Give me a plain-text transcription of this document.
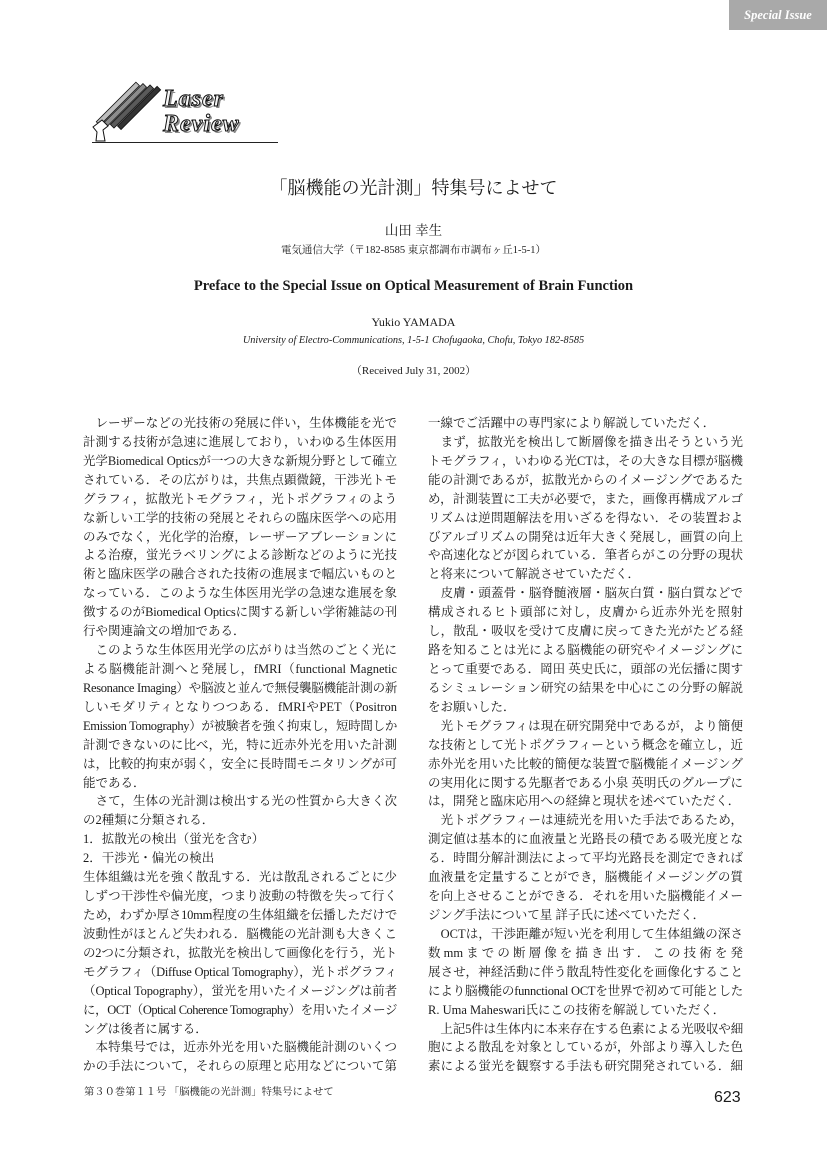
Special Issue
Laser
Review
「脳機能の光計測」特集号によせて
山田 幸生
電気通信大学（〒182-8585 東京都調布市調布ヶ丘1-5-1）
Preface to the Special Issue on Optical Measurement of Brain Function
Yukio YAMADA
University of Electro-Communications, 1-5-1 Chofugaoka, Chofu, Tokyo 182-8585
（Received July 31, 2002）
　レーザーなどの光技術の発展に伴い，生体機能を光で
計測する技術が急速に進展しており，いわゆる生体医用
光学Biomedical Opticsが一つの大きな新規分野として確立
されている．その広がりは，共焦点顕微鏡，干渉光トモ
グラフィ，拡散光トモグラフィ，光トポグラフィのよう
な新しい工学的技術の発展とそれらの臨床医学への応用
のみでなく，光化学的治療，レーザーアブレーションに
よる治療，蛍光ラベリングによる診断などのように光技
術と臨床医学の融合された技術の進展まで幅広いものと
なっている．このような生体医用光学の急速な進展を象
徴するのがBiomedical Opticsに関する新しい学術雑誌の刊
行や関連論文の増加である．
　このような生体医用光学の広がりは当然のごとく光に
よる脳機能計測へと発展し，fMRI（functional Magnetic
Resonance Imaging）や脳波と並んで無侵襲脳機能計測の新
しいモダリティとなりつつある．fMRIやPET（Positron
Emission Tomography）が被験者を強く拘束し，短時間しか
計測できないのに比べ，光，特に近赤外光を用いた計測
は，比較的拘束が弱く，安全に長時間モニタリングが可
能である．
　さて，生体の光計測は検出する光の性質から大きく次
の2種類に分類される．
1．拡散光の検出（蛍光を含む）
2．干渉光・偏光の検出
生体組織は光を強く散乱する．光は散乱されるごとに少
しずつ干渉性や偏光度，つまり波動の特徴を失って行く
ため，わずか厚さ10mm程度の生体組織を伝播しただけで
波動性がほとんど失われる．脳機能の光計測も大きくこ
の2つに分類され，拡散光を検出して画像化を行う，光ト
モグラフィ（Diffuse Optical Tomography），光トポグラフィ
（Optical Topography），蛍光を用いたイメージングは前者
に，OCT（Optical Coherence Tomography）を用いたイメージ
ングは後者に属する．
　本特集号では，近赤外光を用いた脳機能計測のいくつ
かの手法について，それらの原理と応用などについて第
一線でご活躍中の専門家により解説していただく．
　まず，拡散光を検出して断層像を描き出そうという光
トモグラフィ，いわゆる光CTは，その大きな目標が脳機
能の計測であるが，拡散光からのイメージングであるた
め，計測装置に工夫が必要で，また，画像再構成アルゴ
リズムは逆問題解法を用いざるを得ない．その装置およ
びアルゴリズムの開発は近年大きく発展し，画質の向上
や高速化などが図られている．筆者らがこの分野の現状
と将来について解説させていただく．
　皮膚・頭蓋骨・脳脊髄液層・脳灰白質・脳白質などで
構成されるヒト頭部に対し，皮膚から近赤外光を照射
し，散乱・吸収を受けて皮膚に戻ってきた光がたどる経
路を知ることは光による脳機能の研究やイメージングに
とって重要である．岡田 英史氏に，頭部の光伝播に関す
るシミュレーション研究の結果を中心にこの分野の解説
をお願いした．
　光トモグラフィは現在研究開発中であるが，より簡便
な技術として光トポグラフィーという概念を確立し，近
赤外光を用いた比較的簡便な装置で脳機能イメージング
の実用化に関する先駆者である小泉 英明氏のグループに
は，開発と臨床応用への経緯と現状を述べていただく．
　光トポグラフィーは連続光を用いた手法であるため，
測定値は基本的に血液量と光路長の積である吸光度とな
る．時間分解計測法によって平均光路長を測定できれば
血液量を定量することができ，脳機能イメージングの質
を向上させることができる．それを用いた脳機能イメー
ジング手法について星 詳子氏に述べていただく．
　OCTは，干渉距離が短い光を利用して生体組織の深さ
数mmまでの断層像を描き出す．この技術を発
展させ，神経活動に伴う散乱特性変化を画像化すること
により脳機能のfunnctional OCTを世界で初めて可能とした
R. Uma Maheswari氏にこの技術を解説していただく．
　上記5件は生体内に本来存在する色素による光吸収や細
胞による散乱を対象としているが，外部より導入した色
素による蛍光を観察する手法も研究開発されている．細
第３０巻第１１号 「脳機能の光計測」特集号によせて	623
